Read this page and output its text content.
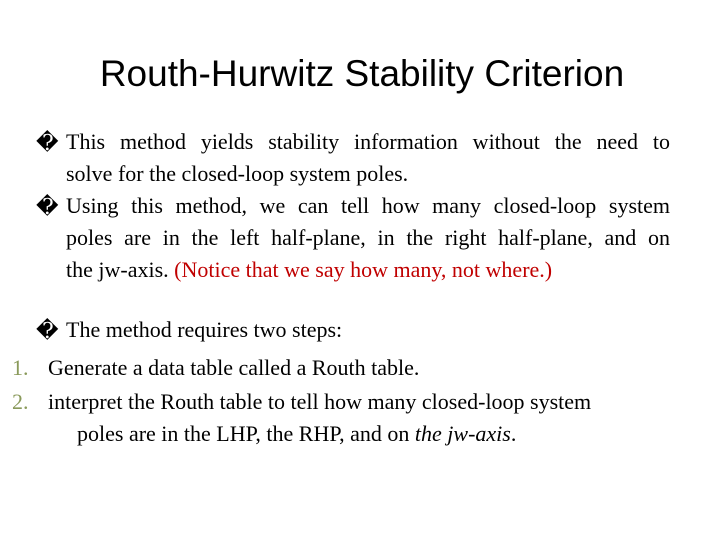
Routh-Hurwitz Stability Criterion
� This method yields stability information without the need to
solve for the closed-loop system poles.
� Using this method, we can tell how many closed-loop system
poles are in the left half-plane, in the right half-plane, and on
the jw-axis. (Notice that we say how many, not where.)
� The method requires two steps:
1. Generate a data table called a Routh table.
2. interpret the Routh table to tell how many closed-loop system
poles are in the LHP, the RHP, and on the jw-axis.
